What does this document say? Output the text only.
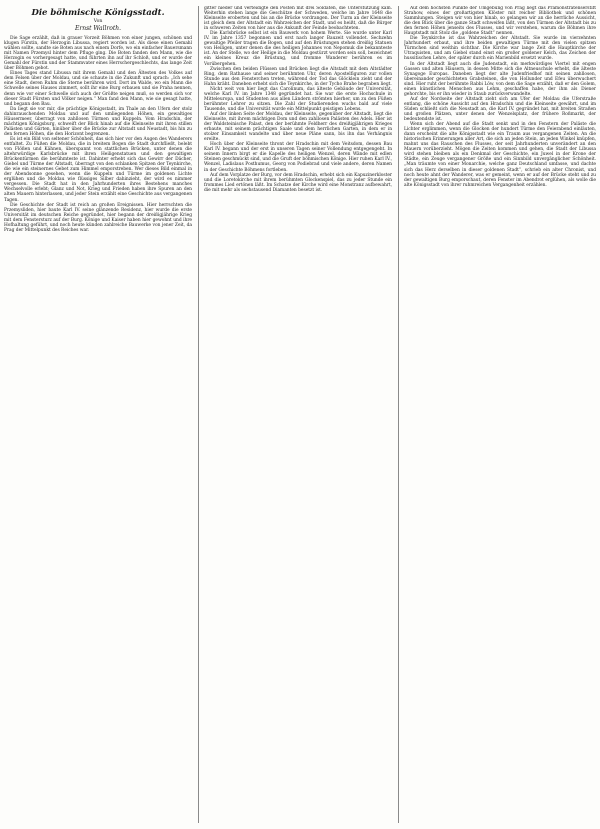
Die böhmische Königsstadt.
Von
Ernst Wallroth.

Die Sage erzählt, daß in grauer Vorzeit Böhmen von einer jungen, schönen und klugen Fürstin, der Herzogin Libussa, regiert worden ist. Als diese einen Gemahl wählen sollte, sandte sie Boten aus nach einem Dorfe, wo ein einfacher Bauersmann mit Namen Przemysl hinter dem Pfluge ging. Die Boten fanden den Mann, wie die Herzogin es vorhergesagt hatte, und führten ihn auf ihr Schloß, und er wurde der Gemahl der Fürstin und der Stammvater eines Herrschergeschlechts, das lange Zeit über Böhmen gebot.

Eines Tages stand Libussa mit ihrem Gemahl und den Ältesten des Volkes auf dem Felsen über der Moldau, und sie schaute in die Zukunft und sprach: „Ich sehe eine Stadt, deren Ruhm die Sterne berühren wird. Dort im Walde, wo ein Mann die Schwelle seines Hauses zimmert, sollt ihr eine Burg erbauen und sie Praha nennen, denn wie vor einer Schwelle sich auch der Größte neigen muß, so werden sich vor dieser Stadt Fürsten und Völker neigen.“ Man fand den Mann, wie sie gesagt hatte, und begann den Bau.

Da liegt sie vor mir, die prächtige Königsstadt, im Thale an den Ufern der stolz dahinrauschenden Moldau und auf den umliegenden Höhen, ein gewaltiges Häusermeer, überragt von zahllosen Türmen und Kuppeln. Vom Hradschin, der mächtigen Königsburg, schweift der Blick hinab auf die Kleinseite mit ihren stillen Palästen und Gärten, hinüber über die Brücke zur Altstadt und Neustadt, bis hin zu den fernen Höhen, die den Horizont begrenzen.

Es ist ein Bild von seltener Schönheit, das sich hier vor den Augen des Wanderers entfaltet. Zu Füßen die Moldau, die in breitem Bogen die Stadt durchfließt, belebt von Flößen und Kähnen, überspannt von stattlichen Brücken, unter denen die altehrwürdige Karlsbrücke mit ihren Heiligenstatuen und den gewaltigen Brückentürmen die berühmteste ist. Dahinter erhebt sich das Gewirr der Dächer, Giebel und Türme der Altstadt, überragt von den schlanken Spitzen der Teynkirche, die wie ein steinernes Gebet zum Himmel emporstreben. Wer dieses Bild einmal in der Abendsonne gesehen, wenn die Kuppeln und Türme im goldenen Lichte erglühen und die Moldau wie flüssiges Silber dahinzieht, der wird es nimmer vergessen. Die Stadt hat in den Jahrhunderten ihres Bestehens manches Wechselvolle erlebt; Glanz und Not, Krieg und Frieden haben ihre Spuren an den alten Mauern hinterlassen, und jeder Stein erzählt eine Geschichte aus vergangenen Tagen.

Die Geschichte der Stadt ist reich an großen Ereignissen. Hier herrschten die Przemysliden, hier baute Karl IV. seine glänzende Residenz, hier wurde die erste Universität im deutschen Reiche gegründet, hier begann der dreißigjährige Krieg mit dem Fenstersturz auf der Burg. Könige und Kaiser haben hier gewohnt und ihre Hofhaltung geführt, und noch heute künden zahlreiche Bauwerke von jener Zeit, da Prag der Mittelpunkt des Reiches war.

gitter nieder und verteidigte den Posten mit drei Soldaten, die Unterstützung kam. Weiterhin stehen lange die Geschütze der Schweden, welche im Jahre 1648 die Kleinseite eroberten und bis an die Brücke vordrangen. Der Turm an der Kleinseite ist gleich dem der Altstadt ein Wahrzeichen der Stadt, und es heißt, daß die Bürger in schweren Zeiten von hier aus die Ankunft der Feinde beobachteten.

Die Karlsbrücke selbst ist ein Bauwerk von hohem Werte. Sie wurde unter Karl IV. im Jahre 1357 begonnen und erst nach langer Bauzeit vollendet. Sechzehn gewaltige Pfeiler tragen die Bogen, und auf den Brüstungen stehen dreißig Statuen von Heiligen, unter denen die des heiligen Johannes von Nepomuk die bekannteste ist. An der Stelle, wo der Heilige in die Moldau gestürzt worden sein soll, bezeichnet ein kleines Kreuz die Brüstung, und fromme Wanderer berühren es im Vorübergehen.

Zwischen den beiden Flüssen und Brücken liegt die Altstadt mit dem Altstädter Ring, dem Rathause und seiner berühmten Uhr, deren Apostelfiguren zur vollen Stunde aus den Fensterchen treten, während der Tod das Glöcklein zieht und der Hahn kräht. Daneben erhebt sich die Teynkirche, in der Tycho Brahe begraben liegt.

Nicht weit von hier liegt das Carolinum, das älteste Gebäude der Universität, welche Karl IV. im Jahre 1348 gegründet hat. Sie war die erste Hochschule in Mitteleuropa, und Studenten aus allen Ländern strömten hierher, um zu den Füßen berühmter Lehrer zu sitzen. Die Zahl der Studierenden wuchs bald auf viele Tausende, und die Universität wurde ein Mittelpunkt geistigen Lebens.

Auf der linken Seite der Moldau, der Kleinseite, gegenüber der Altstadt, liegt die Kleinseite, mit ihrem mächtigen Dom und den zahllosen Palästen des Adels. Hier ist der Waldsteinische Palast, den der berühmte Feldherr des dreißigjährigen Krieges erbaute, mit seinem prächtigen Saale und dem herrlichen Garten, in dem er in stolzer Einsamkeit wandelte und über neue Pläne sann, bis ihn das Verhängnis ereilte.

Hoch über der Kleinseite thront der Hradschin mit dem Veitsdom, dessen Bau Karl IV. begann und der erst in unseren Tagen seiner Vollendung entgegengeht. In seinem Innern birgt er die Kapelle des heiligen Wenzel, deren Wände mit edlen Steinen geschmückt sind, und die Gruft der böhmischen Könige. Hier ruhen Karl IV., Wenzel, Ladislaus Posthumus, Georg von Podiebrad und viele andere, deren Namen in der Geschichte Böhmens fortleben.

Auf dem Vorplatze der Burg, vor dem Hradschin, erhebt sich ein Kapuzinerkloster und die Loretokirche mit ihrem berühmten Glockenspiel, das zu jeder Stunde ein frommes Lied ertönen läßt. Im Schatze der Kirche wird eine Monstranz aufbewahrt, die mit mehr als sechstausend Diamanten besetzt ist.

Auf dem höchsten Punkte der Umgebung von Prag liegt das Prämonstratenserstift Strahow, eines der großartigsten Klöster mit reicher Bibliothek und schönen Sammlungen. Steigen wir von hier hinab, so gelangen wir an die herrliche Aussicht, die den Blick über die ganze Stadt schweifen läßt, von den Türmen der Altstadt bis zu den fernen Höhen jenseits des Flusses, und wir verstehen, warum die Böhmen ihre Hauptstadt mit Stolz die „goldene Stadt“ nennen.

Die Teynkirche ist das Wahrzeichen der Altstadt. Sie wurde im vierzehnten Jahrhundert erbaut, und ihre beiden gewaltigen Türme mit den vielen spitzen Türmchen sind weithin sichtbar. Die Kirche war lange Zeit die Hauptkirche der Utraquisten, und am Giebel stand einst ein großer goldener Kelch, das Zeichen der hussitischen Lehre, der später durch ein Marienbild ersetzt wurde.

In der Altstadt liegt auch die Judenstadt, ein merkwürdiges Viertel mit engen Gassen und alten Häusern, in dessen Mitte sich die Altneuschule erhebt, die älteste Synagoge Europas. Daneben liegt der alte Judenfriedhof mit seinen zahllosen, übereinander geschichteten Grabsteinen, die von Hollunder und Efeu überwuchert sind. Hier ruht der berühmte Rabbi Löw, von dem die Sage erzählt, daß er den Golem, einen künstlichen Menschen aus Lehm, geschaffen habe, der ihm als Diener gehorchte, bis er ihn wieder in Staub zurückverwandelte.

Auf der Nordseite der Altstadt zieht sich am Ufer der Moldau die Uferstraße entlang, die schöne Aussicht auf den Hradschin und die Kleinseite gewährt, und im Süden schließt sich die Neustadt an, die Karl IV. gegründet hat, mit breiten Straßen und großen Plätzen, unter denen der Wenzelsplatz, der frühere Roßmarkt, der bedeutendste ist.

Wenn sich der Abend auf die Stadt senkt und in den Fenstern der Paläste die Lichter erglimmen, wenn die Glocken der hundert Türme den Feierabend einläuten, dann erscheint die alte Königsstadt wie ein Traum aus vergangenen Zeiten. An die historischen Erinnerungen aller Art, die sich an jeden Stein, an jeden Winkel knüpfen, mahnt uns das Rauschen des Flusses, der seit Jahrhunderten unverändert an den Mauern vorüberzieht. Mögen die Zeiten kommen und gehen, die Stadt der Libussa wird stehen bleiben als ein Denkmal der Geschichte, ein Juwel in der Krone der Städte, ein Zeuge vergangener Größe und ein Sinnbild unvergänglicher Schönheit. „Man träumte von einer Monarchie, welche ganz Deutschland umfasse, und dachte sich das Herz derselben in dieser goldenen Stadt“, schrieb ein alter Chronist, und noch heute ahnt der Wanderer, was er gemeint, wenn er auf der Brücke steht und zu der gewaltigen Burg emporschaut, deren Fenster im Abendrot erglühen, als wolle die alte Königsstadt von ihrer ruhmreichen Vergangenheit erzählen.
